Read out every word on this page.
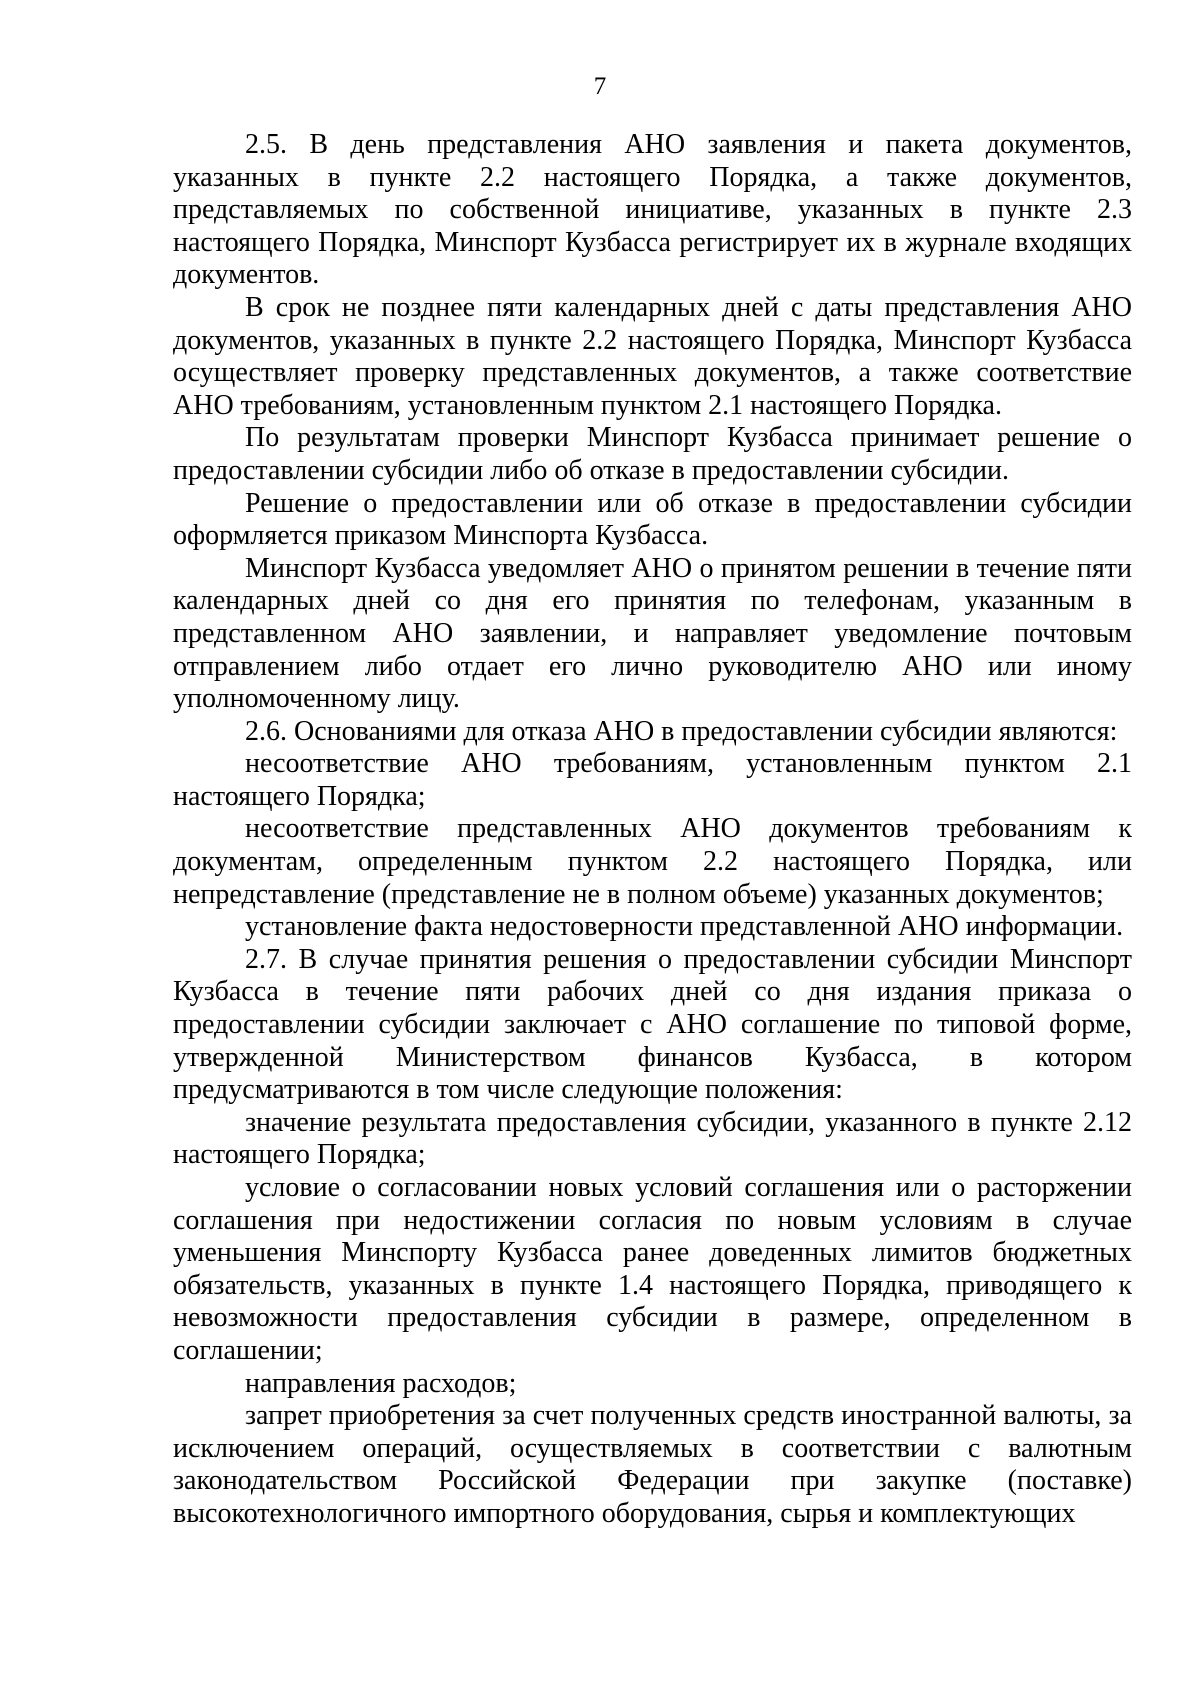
7

2.5. В день представления АНО заявления и пакета документов, указанных в пункте 2.2 настоящего Порядка, а также документов, представляемых по собственной инициативе, указанных в пункте 2.3 настоящего Порядка, Минспорт Кузбасса регистрирует их в журнале входящих документов.

В срок не позднее пяти календарных дней с даты представления АНО документов, указанных в пункте 2.2 настоящего Порядка, Минспорт Кузбасса осуществляет проверку представленных документов, а также соответствие АНО требованиям, установленным пунктом 2.1 настоящего Порядка.

По результатам проверки Минспорт Кузбасса принимает решение о предоставлении субсидии либо об отказе в предоставлении субсидии.

Решение о предоставлении или об отказе в предоставлении субсидии оформляется приказом Минспорта Кузбасса.

Минспорт Кузбасса уведомляет АНО о принятом решении в течение пяти календарных дней со дня его принятия по телефонам, указанным в представленном АНО заявлении, и направляет уведомление почтовым отправлением либо отдает его лично руководителю АНО или иному уполномоченному лицу.

2.6. Основаниями для отказа АНО в предоставлении субсидии являются:

несоответствие АНО требованиям, установленным пунктом 2.1 настоящего Порядка;

несоответствие представленных АНО документов требованиям к документам, определенным пунктом 2.2 настоящего Порядка, или непредставление (представление не в полном объеме) указанных документов;

установление факта недостоверности представленной АНО информации.

2.7. В случае принятия решения о предоставлении субсидии Минспорт Кузбасса в течение пяти рабочих дней со дня издания приказа о предоставлении субсидии заключает с АНО соглашение по типовой форме, утвержденной Министерством финансов Кузбасса, в котором предусматриваются в том числе следующие положения:

значение результата предоставления субсидии, указанного в пункте 2.12 настоящего Порядка;

условие о согласовании новых условий соглашения или о расторжении соглашения при недостижении согласия по новым условиям в случае уменьшения Минспорту Кузбасса ранее доведенных лимитов бюджетных обязательств, указанных в пункте 1.4 настоящего Порядка, приводящего к невозможности предоставления субсидии в размере, определенном в соглашении;

направления расходов;

запрет приобретения за счет полученных средств иностранной валюты, за исключением операций, осуществляемых в соответствии с валютным законодательством Российской Федерации при закупке (поставке) высокотехнологичного импортного оборудования, сырья и комплектующих
